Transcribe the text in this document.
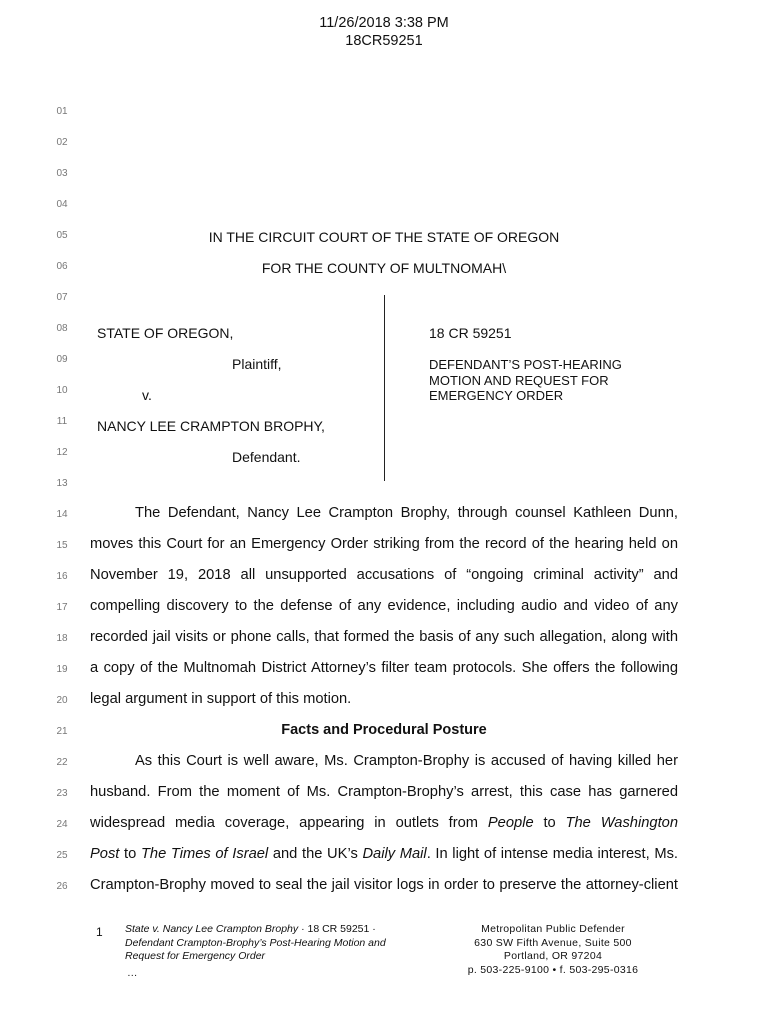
11/26/2018 3:38 PM
18CR59251
01
02
03
04
05
06
07
08
09
10
11
12
13
14
15
16
17
18
19
20
21
22
23
24
25
26
IN THE CIRCUIT COURT OF THE STATE OF OREGON
FOR THE COUNTY OF MULTNOMAH\
STATE OF OREGON,
Plaintiff,
v.
NANCY LEE CRAMPTON BROPHY,
Defendant.
18 CR 59251
DEFENDANT’S POST-HEARING
MOTION AND REQUEST FOR
EMERGENCY ORDER
The Defendant, Nancy Lee Crampton Brophy, through counsel Kathleen Dunn,
moves this Court for an Emergency Order striking from the record of the hearing held on
November 19, 2018 all unsupported accusations of “ongoing criminal activity” and
compelling discovery to the defense of any evidence, including audio and video of any
recorded jail visits or phone calls, that formed the basis of any such allegation, along with
a copy of the Multnomah District Attorney’s filter team protocols. She offers the following
legal argument in support of this motion.
Facts and Procedural Posture
As this Court is well aware, Ms. Crampton-Brophy is accused of having killed her
husband. From the moment of Ms. Crampton-Brophy’s arrest, this case has garnered
widespread media coverage, appearing in outlets from People to The Washington
Post to The Times of Israel and the UK’s Daily Mail. In light of intense media interest, Ms.
Crampton-Brophy moved to seal the jail visitor logs in order to preserve the attorney-client
1 State v. Nancy Lee Crampton Brophy · 18 CR 59251 ·
Defendant Crampton-Brophy’s Post-Hearing Motion and
Request for Emergency Order
…
Metropolitan Public Defender
630 SW Fifth Avenue, Suite 500
Portland, OR 97204
p. 503-225-9100 • f. 503-295-0316
